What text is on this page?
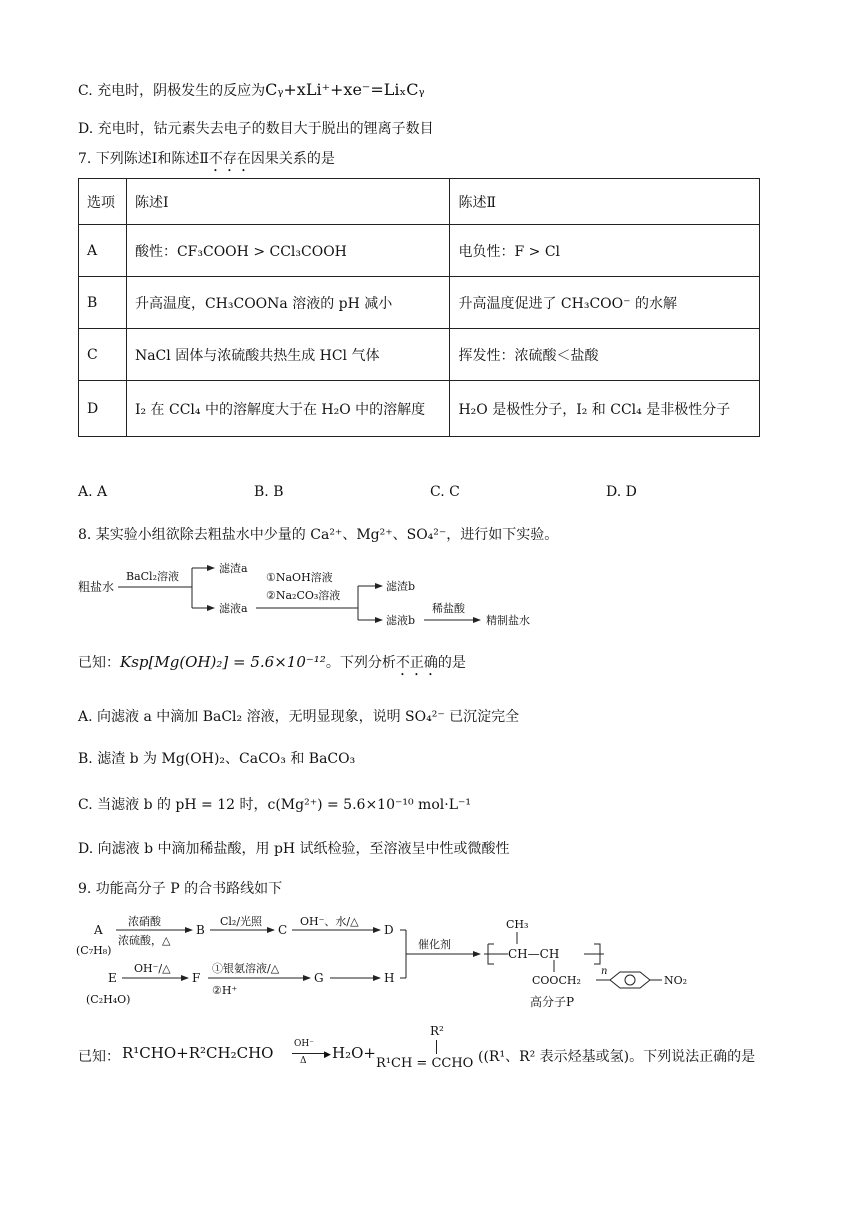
C. 充电时，阴极发生的反应为Cᵧ+xLi⁺+xe⁻=LiₓCᵧ
D. 充电时，钴元素失去电子的数目大于脱出的锂离子数目
7. 下列陈述Ⅰ和陈述Ⅱ不存在因果关系的是
选项	陈述Ⅰ	陈述Ⅱ
A	酸性：CF₃COOH > CCl₃COOH	电负性：F > Cl
B	升高温度，CH₃COONa 溶液的 pH 减小	升高温度促进了 CH₃COO⁻ 的水解
C	NaCl 固体与浓硫酸共热生成 HCl 气体	挥发性：浓硫酸＜盐酸
D	I₂ 在 CCl₄ 中的溶解度大于在 H₂O 中的溶解度	H₂O 是极性分子，I₂ 和 CCl₄ 是非极性分子
A. A	B. B	C. C	D. D
8. 某实验小组欲除去粗盐水中少量的 Ca²⁺、Mg²⁺、SO₄²⁻，进行如下实验。
粗盐水
BaCl₂溶液
滤渣a
滤液a
①NaOH溶液
②Na₂CO₃溶液
滤渣b
滤液b
稀盐酸
精制盐水
已知：Ksp[Mg(OH)₂] = 5.6×10⁻¹²。下列分析不正确的是
A. 向滤液 a 中滴加 BaCl₂ 溶液，无明显现象，说明 SO₄²⁻ 已沉淀完全
B. 滤渣 b 为 Mg(OH)₂、CaCO₃ 和 BaCO₃
C. 当滤液 b 的 pH = 12 时，c(Mg²⁺) = 5.6×10⁻¹⁰ mol·L⁻¹
D. 向滤液 b 中滴加稀盐酸，用 pH 试纸检验，至溶液呈中性或微酸性
9. 功能高分子 P 的合书路线如下
A
(C₇H₈)
浓硝酸
浓硫酸，△
B
Cl₂/光照
C
OH⁻、水/△
D
E
(C₂H₄O)
OH⁻/△
F
①银氨溶液/△
②H⁺
G	H
催化剂
CH—CH
n
CH₃
COOCH₂	NO₂
高分子P
已知： R¹CHO+R²CH₂CHO OH⁻
▶
Δ H₂O+
R²
R¹CH = CCHO ((R¹、R² 表示烃基或氢)。下列说法正确的是
